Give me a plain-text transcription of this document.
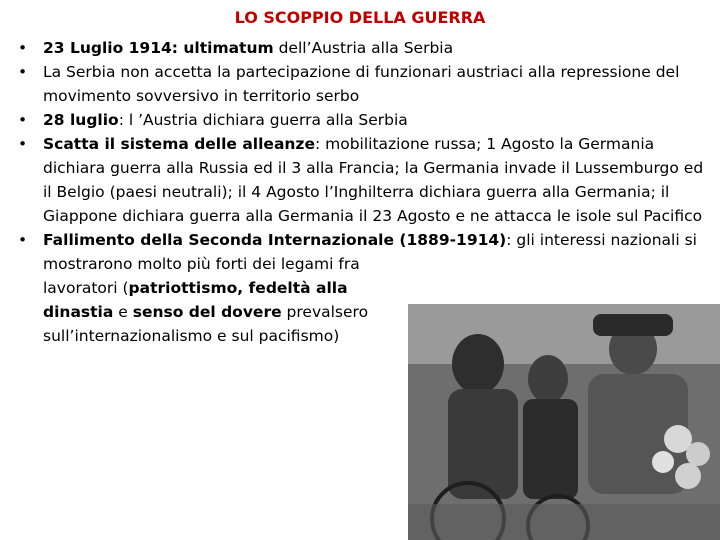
LO SCOPPIO DELLA GUERRA
• 23 Luglio 1914: ultimatum dell’Austria alla Serbia
• La Serbia non accetta la partecipazione di funzionari austriaci alla repressione del movimento sovversivo in territorio serbo
• 28 luglio: l ’Austria dichiara guerra alla Serbia
• Scatta il sistema delle alleanze: mobilitazione russa; 1 Agosto la Germania dichiara guerra alla Russia ed il 3 alla Francia; la Germania invade il Lussemburgo ed il Belgio (paesi neutrali); il 4 Agosto l’Inghilterra dichiara guerra alla Germania; il Giappone dichiara guerra alla Germania il 23 Agosto e ne attacca le isole sul Pacifico
• Fallimento della Seconda Internazionale (1889-1914): gli interessi nazionali si mostrarono molto più forti dei legami fra
lavoratori (patriottismo, fedeltà alla dinastia e senso del dovere prevalsero sull’internazionalismo e sul pacifismo)
